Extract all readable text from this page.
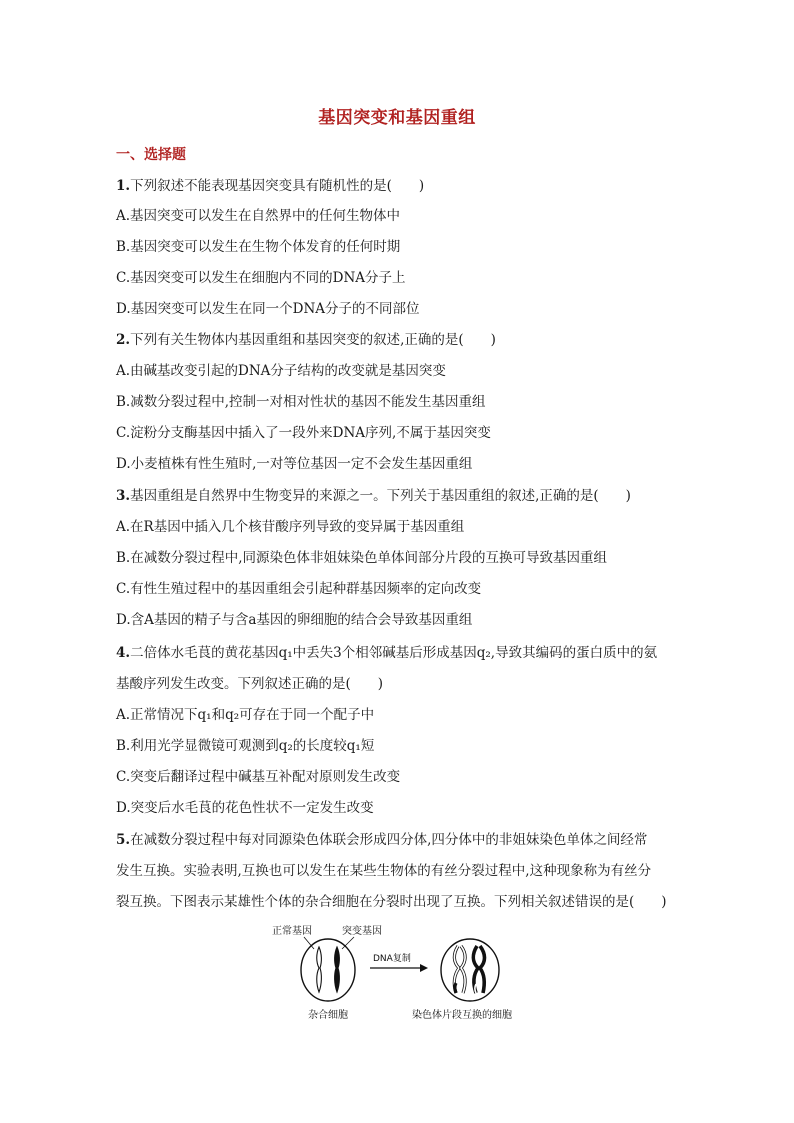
基因突变和基因重组
一、选择题
1.下列叙述不能表现基因突变具有随机性的是(　　)
A.基因突变可以发生在自然界中的任何生物体中
B.基因突变可以发生在生物个体发育的任何时期
C.基因突变可以发生在细胞内不同的DNA分子上
D.基因突变可以发生在同一个DNA分子的不同部位
2.下列有关生物体内基因重组和基因突变的叙述,正确的是(　　)
A.由碱基改变引起的DNA分子结构的改变就是基因突变
B.减数分裂过程中,控制一对相对性状的基因不能发生基因重组
C.淀粉分支酶基因中插入了一段外来DNA序列,不属于基因突变
D.小麦植株有性生殖时,一对等位基因一定不会发生基因重组
3.基因重组是自然界中生物变异的来源之一。下列关于基因重组的叙述,正确的是(　　)
A.在R基因中插入几个核苷酸序列导致的变异属于基因重组
B.在减数分裂过程中,同源染色体非姐妹染色单体间部分片段的互换可导致基因重组
C.有性生殖过程中的基因重组会引起种群基因频率的定向改变
D.含A基因的精子与含a基因的卵细胞的结合会导致基因重组
4.二倍体水毛茛的黄花基因q₁中丢失3个相邻碱基后形成基因q₂,导致其编码的蛋白质中的氨
基酸序列发生改变。下列叙述正确的是(　　)
A.正常情况下q₁和q₂可存在于同一个配子中
B.利用光学显微镜可观测到q₂的长度较q₁短
C.突变后翻译过程中碱基互补配对原则发生改变
D.突变后水毛茛的花色性状不一定发生改变
5.在减数分裂过程中每对同源染色体联会形成四分体,四分体中的非姐妹染色单体之间经常
发生互换。实验表明,互换也可以发生在某些生物体的有丝分裂过程中,这种现象称为有丝分
裂互换。下图表示某雄性个体的杂合细胞在分裂时出现了互换。下列相关叙述错误的是(　　)
正常基因	突变基因
杂合细胞
DNA复制
染色体片段互换的细胞
